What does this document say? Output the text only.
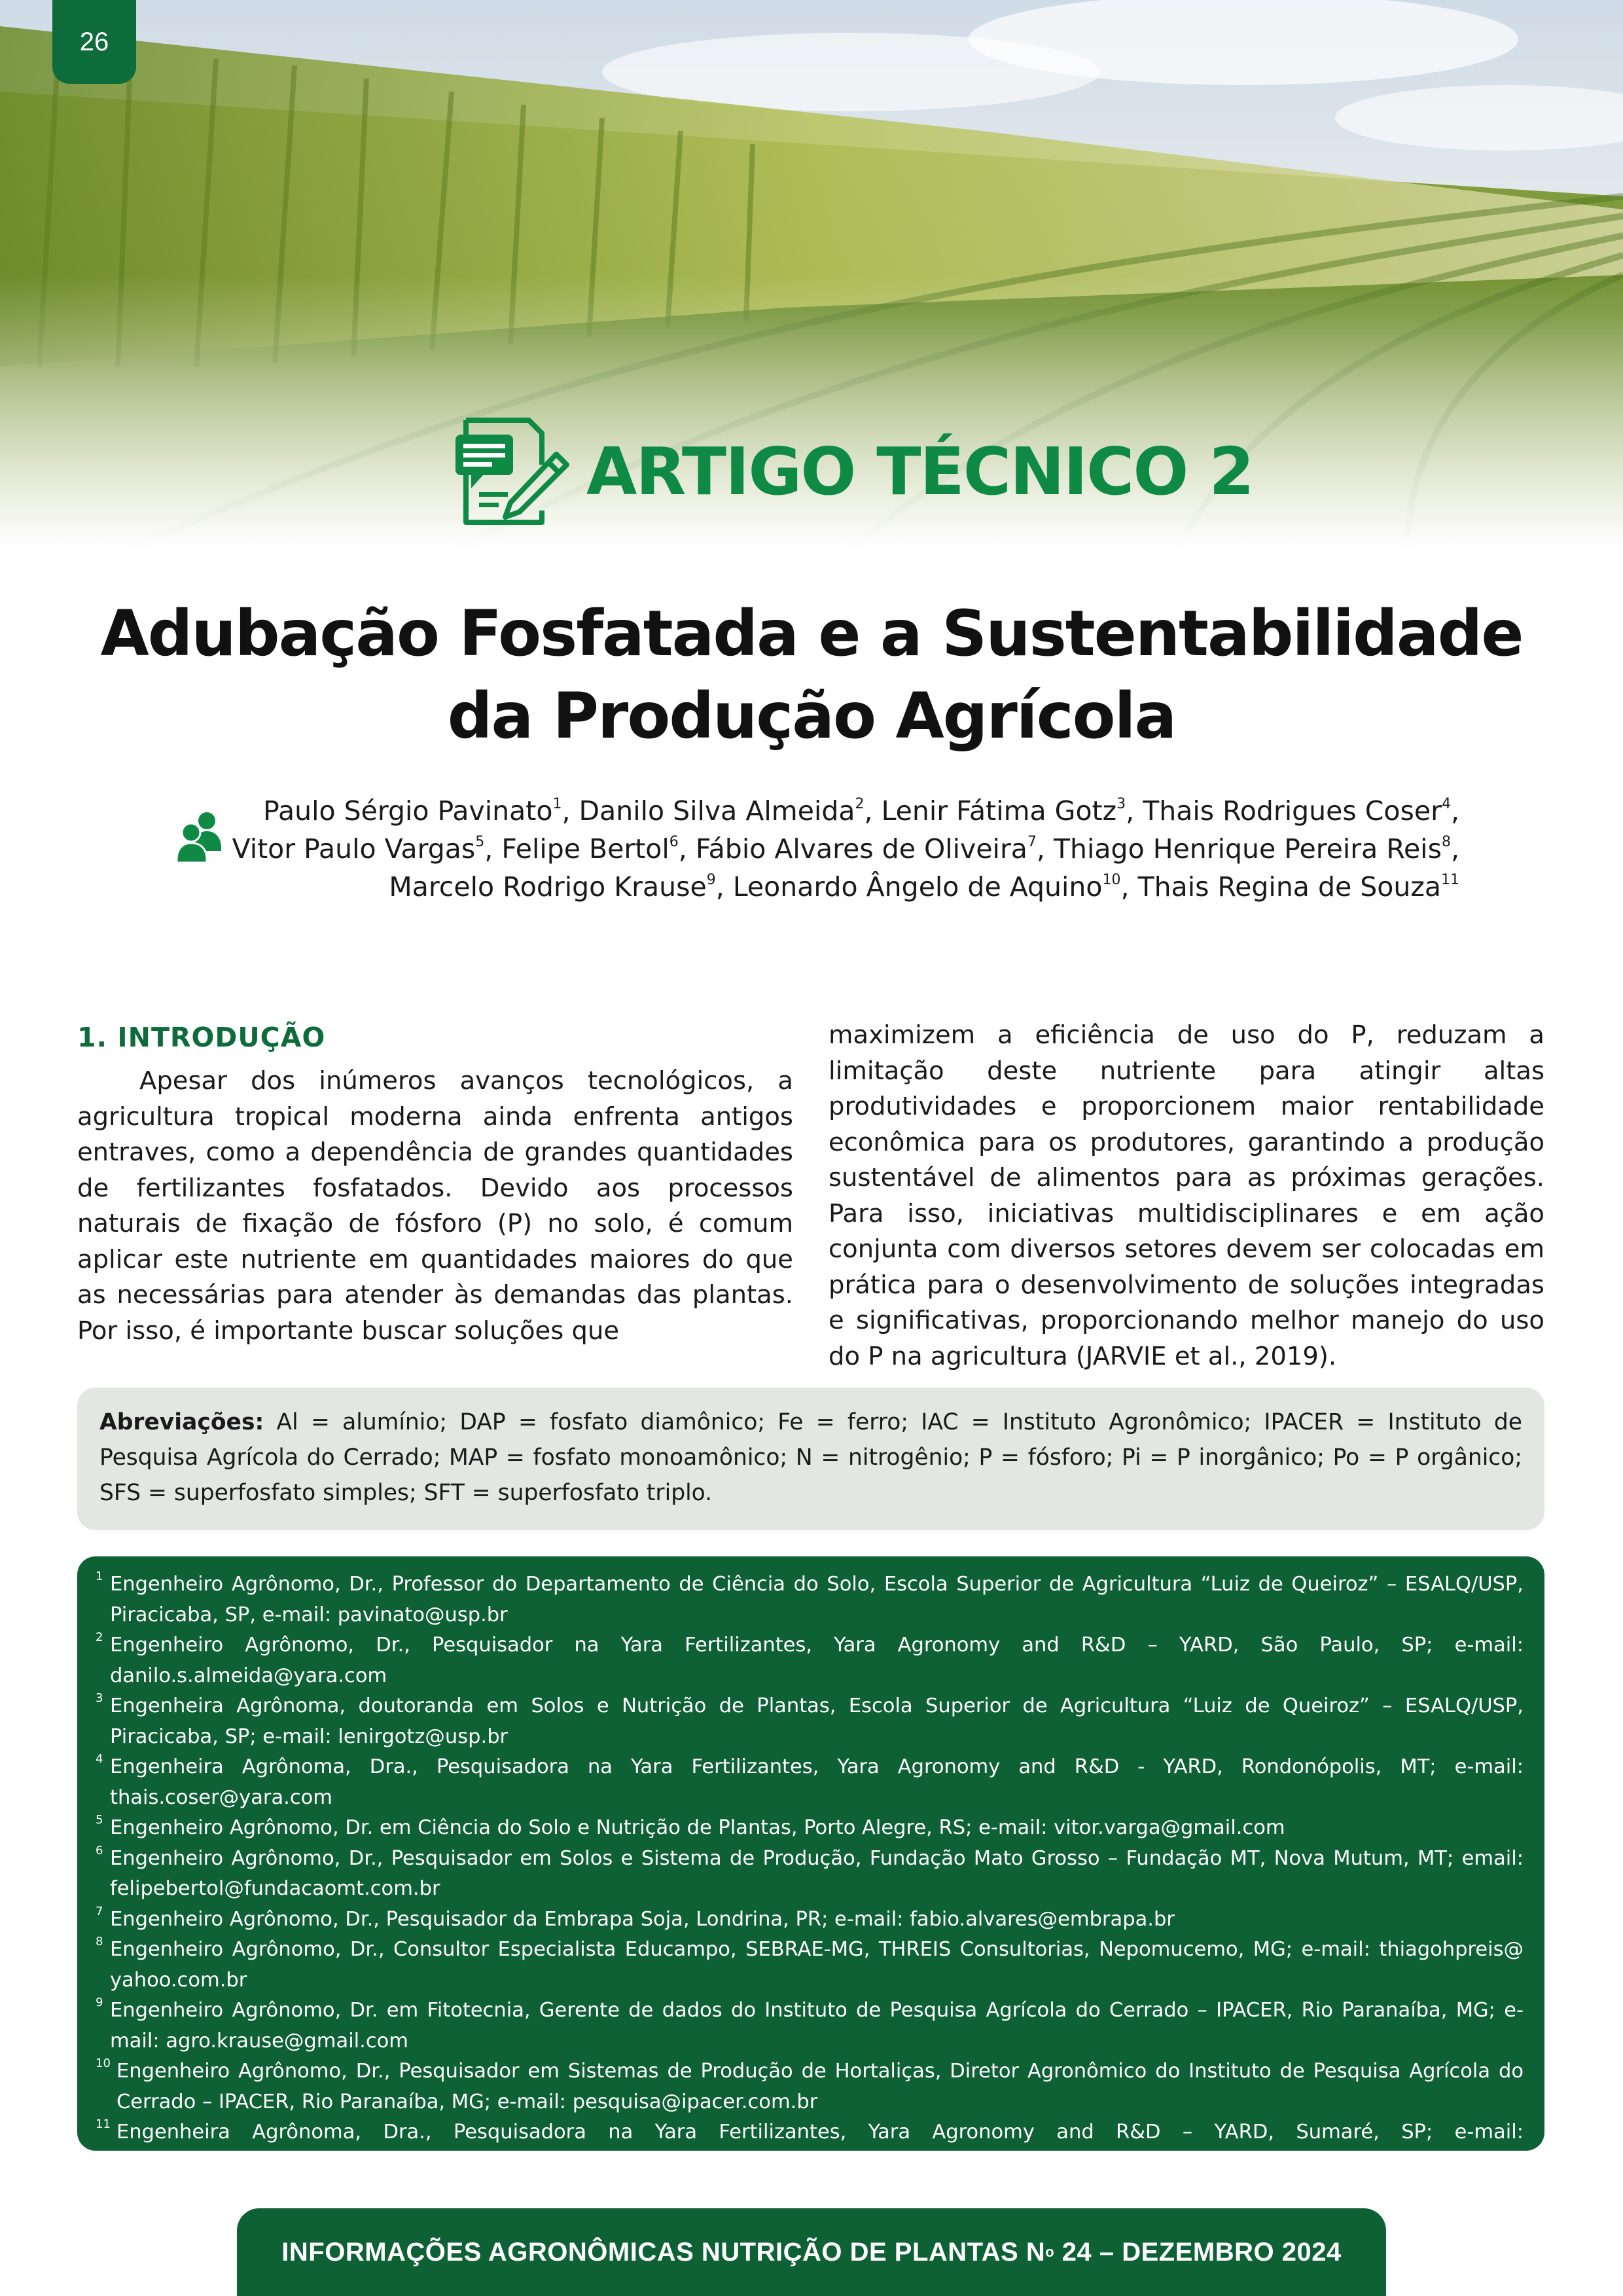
26
ARTIGO TÉCNICO 2
Adubação Fosfatada e a Sustentabilidade
da Produção Agrícola
Paulo Sérgio Pavinato$^1$, Danilo Silva Almeida$^2$, Lenir Fátima Gotz$^3$, Thais Rodrigues Coser$^4$,
Vitor Paulo Vargas$^5$, Felipe Bertol$^6$, Fábio Alvares de Oliveira$^7$, Thiago Henrique Pereira Reis$^8$,
Marcelo Rodrigo Krause$^9$, Leonardo Ângelo de Aquino$^{10}$, Thais Regina de Souza$^{11}$
1. INTRODUÇÃO

Apesar dos inúmeros avanços tecnológicos, a agricultura tropical moderna ainda enfrenta antigos entraves, como a dependência de grandes quantidades de fertilizantes fosfatados. Devido aos processos naturais de fixação de fósforo (P) no solo, é comum aplicar este nutriente em quantidades maiores do que as necessárias para atender às demandas das plantas. Por isso, é importante buscar soluções que

maximizem a eficiência de uso do P, reduzam a limitação deste nutriente para atingir altas produtividades e proporcionem maior rentabilidade econômica para os produtores, garantindo a produção sustentável de alimentos para as próximas gerações. Para isso, iniciativas multidisciplinares e em ação conjunta com diversos setores devem ser colocadas em prática para o desenvolvimento de soluções integradas e significativas, proporcionando melhor manejo do uso do P na agricultura (JARVIE et al., 2019).

Abreviações: Al = alumínio; DAP = fosfato diamônico; Fe = ferro; IAC = Instituto Agronômico; IPACER = Instituto de Pesquisa Agrícola do Cerrado; MAP = fosfato monoamônico; N = nitrogênio; P = fósforo; Pi = P inorgânico; Po = P orgânico; SFS = superfosfato simples; SFT = superfosfato triplo.
1 Engenheiro Agrônomo, Dr., Professor do Departamento de Ciência do Solo, Escola Superior de Agricultura “Luiz de Queiroz” – ESALQ/USP, Piracicaba, SP, e-mail: pavinato@usp.br
2 Engenheiro Agrônomo, Dr., Pesquisador na Yara Fertilizantes, Yara Agronomy and R&D – YARD, São Paulo, SP; e-mail: danilo.s.almeida@yara.com
3 Engenheira Agrônoma, doutoranda em Solos e Nutrição de Plantas, Escola Superior de Agricultura “Luiz de Queiroz” – ESALQ/USP, Piracicaba, SP; e-mail: lenirgotz@usp.br
4 Engenheira Agrônoma, Dra., Pesquisadora na Yara Fertilizantes, Yara Agronomy and R&D - YARD, Rondonópolis, MT; e-mail: thais.coser@yara.com
5 Engenheiro Agrônomo, Dr. em Ciência do Solo e Nutrição de Plantas, Porto Alegre, RS; e-mail: vitor.varga@gmail.com
6 Engenheiro Agrônomo, Dr., Pesquisador em Solos e Sistema de Produção, Fundação Mato Grosso – Fundação MT, Nova Mutum, MT; email: felipebertol@fundacaomt.com.br
7 Engenheiro Agrônomo, Dr., Pesquisador da Embrapa Soja, Londrina, PR; e-mail: fabio.alvares@embrapa.br
8 Engenheiro Agrônomo, Dr., Consultor Especialista Educampo, SEBRAE-MG, THREIS Consultorias, Nepomucemo, MG; e-mail: thiagohpreis@ yahoo.com.br
9 Engenheiro Agrônomo, Dr. em Fitotecnia, Gerente de dados do Instituto de Pesquisa Agrícola do Cerrado – IPACER, Rio Paranaíba, MG; e-mail: agro.krause@gmail.com
10 Engenheiro Agrônomo, Dr., Pesquisador em Sistemas de Produção de Hortaliças, Diretor Agronômico do Instituto de Pesquisa Agrícola do Cerrado – IPACER, Rio Paranaíba, MG; e-mail: pesquisa@ipacer.com.br
11 Engenheira Agrônoma, Dra., Pesquisadora na Yara Fertilizantes, Yara Agronomy and R&D – YARD, Sumaré, SP; e-mail: thais.desouza@yara.com
INFORMAÇÕES AGRONÔMICAS NUTRIÇÃO DE PLANTAS N o 24 – DEZEMBRO 2024
